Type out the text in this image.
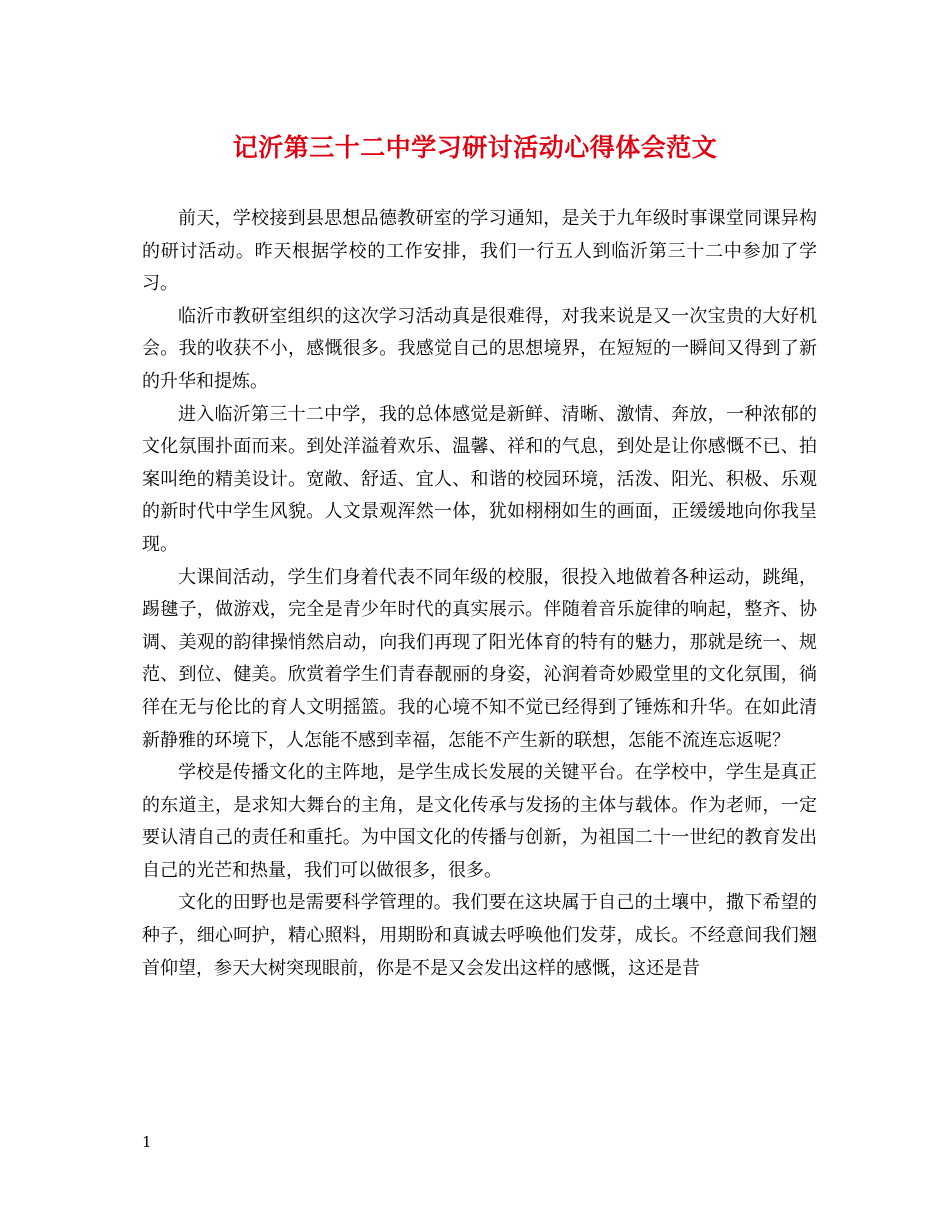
记沂第三十二中学习研讨活动心得体会范文

前天，学校接到县思想品德教研室的学习通知，是关于九年级时事课堂同课异构的研讨活动。昨天根据学校的工作安排，我们一行五人到临沂第三十二中参加了学习。

临沂市教研室组织的这次学习活动真是很难得，对我来说是又一次宝贵的大好机会。我的收获不小，感慨很多。我感觉自己的思想境界，在短短的一瞬间又得到了新的升华和提炼。

进入临沂第三十二中学，我的总体感觉是新鲜、清晰、激情、奔放，一种浓郁的文化氛围扑面而来。到处洋溢着欢乐、温馨、祥和的气息，到处是让你感慨不已、拍案叫绝的精美设计。宽敞、舒适、宜人、和谐的校园环境，活泼、阳光、积极、乐观的新时代中学生风貌。人文景观浑然一体，犹如栩栩如生的画面，正缓缓地向你我呈现。

大课间活动，学生们身着代表不同年级的校服，很投入地做着各种运动，跳绳，踢毽子，做游戏，完全是青少年时代的真实展示。伴随着音乐旋律的响起，整齐、协调、美观的韵律操悄然启动，向我们再现了阳光体育的特有的魅力，那就是统一、规范、到位、健美。欣赏着学生们青春靓丽的身姿，沁润着奇妙殿堂里的文化氛围，徜徉在无与伦比的育人文明摇篮。我的心境不知不觉已经得到了锤炼和升华。在如此清新静雅的环境下，人怎能不感到幸福，怎能不产生新的联想，怎能不流连忘返呢？

学校是传播文化的主阵地，是学生成长发展的关键平台。在学校中，学生是真正的东道主，是求知大舞台的主角，是文化传承与发扬的主体与载体。作为老师，一定要认清自己的责任和重托。为中国文化的传播与创新，为祖国二十一世纪的教育发出自己的光芒和热量，我们可以做很多，很多。

文化的田野也是需要科学管理的。我们要在这块属于自己的土壤中，撒下希望的种子，细心呵护，精心照料，用期盼和真诚去呼唤他们发芽，成长。不经意间我们翘首仰望，参天大树突现眼前，你是不是又会发出这样的感慨，这还是昔

1
